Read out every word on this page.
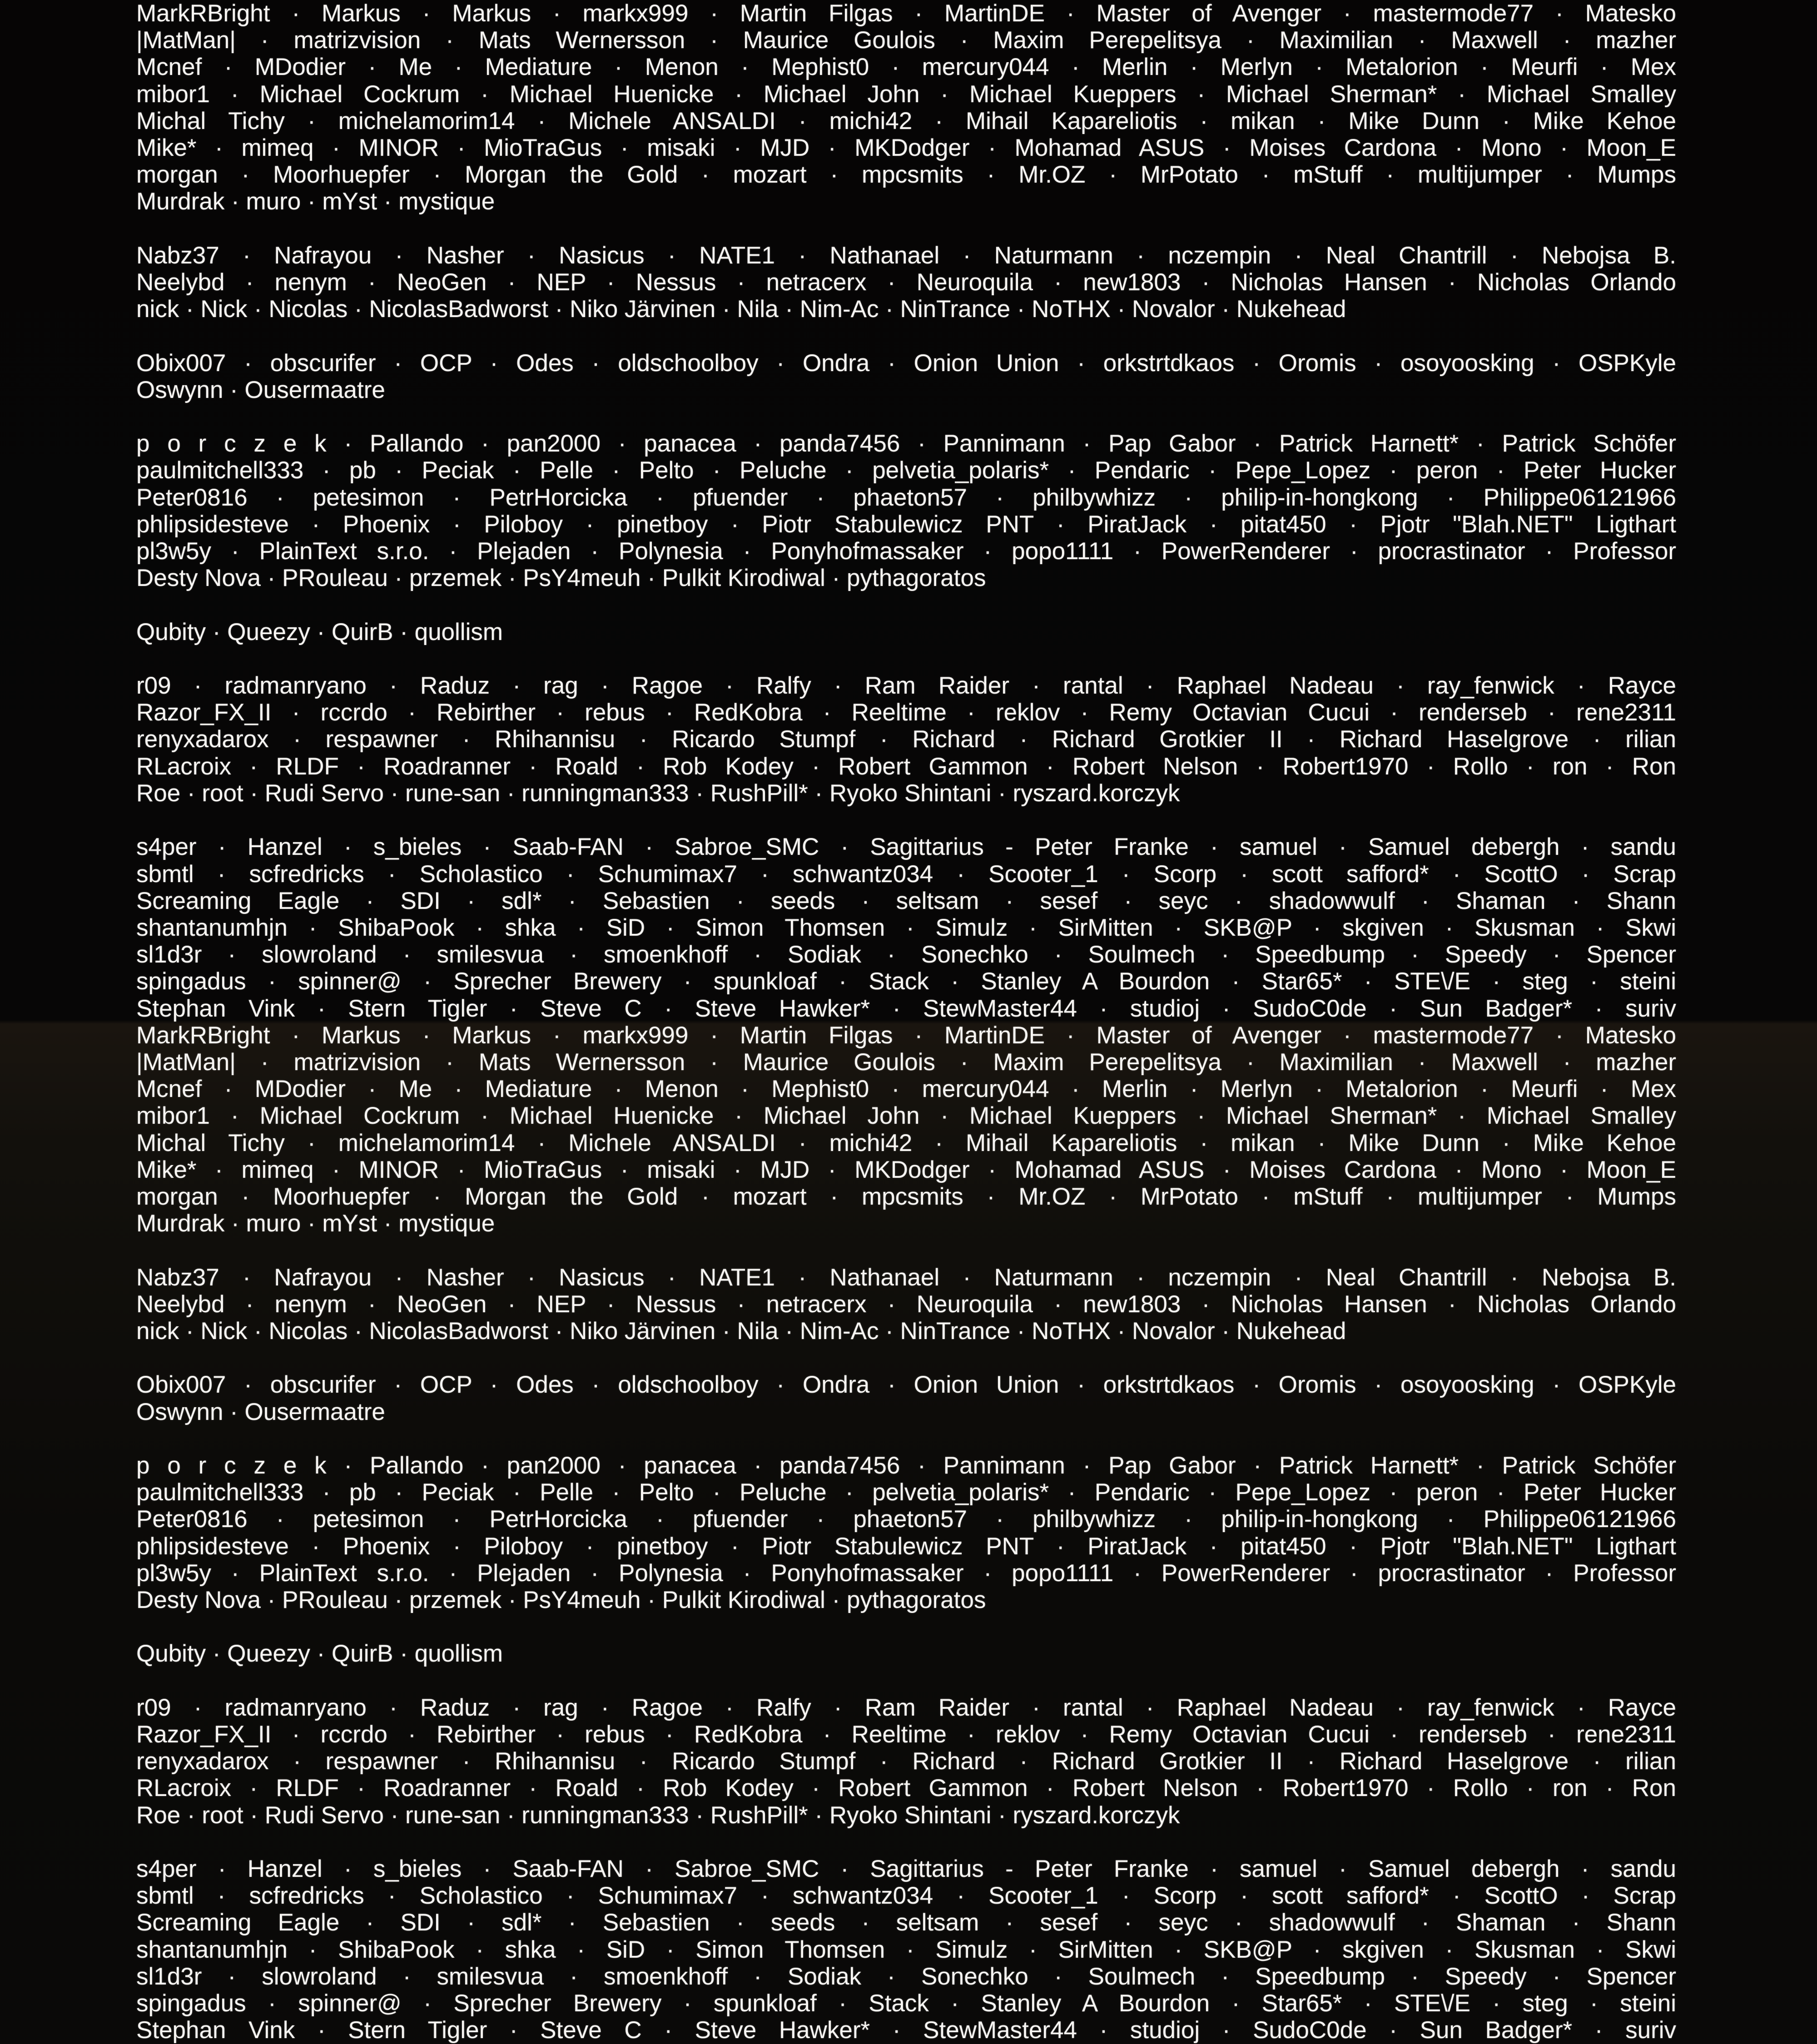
MarkRBright · Markus · Markus · markx999 · Martin Filgas · MartinDE · Master of Avenger · mastermode77 · Matesko
|MatMan| · matrizvision · Mats Wernersson · Maurice Goulois · Maxim Perepelitsya · Maximilian · Maxwell · mazher
Mcnef · MDodier · Me · Mediature · Menon · Mephist0 · mercury044 · Merlin · Merlyn · Metalorion · Meurfi · Mex
mibor1 · Michael Cockrum · Michael Huenicke · Michael John · Michael Kueppers · Michael Sherman* · Michael Smalley
Michal Tichy · michelamorim14 · Michele ANSALDI · michi42 · Mihail Kapareliotis · mikan · Mike Dunn · Mike Kehoe
Mike* · mimeq · MINOR · MioTraGus · misaki · MJD · MKDodger · Mohamad ASUS · Moises Cardona · Mono · Moon_E
morgan · Moorhuepfer · Morgan the Gold · mozart · mpcsmits · Mr.OZ · MrPotato · mStuff · multijumper · Mumps
Murdrak · muro · mYst · mystique
Nabz37 · Nafrayou · Nasher · Nasicus · NATE1 · Nathanael · Naturmann · nczempin · Neal Chantrill · Nebojsa B.
Neelybd · nenym · NeoGen · NEP · Nessus · netracerx · Neuroquila · new1803 · Nicholas Hansen · Nicholas Orlando
nick · Nick · Nicolas · NicolasBadworst · Niko Järvinen · Nila · Nim-Ac · NinTrance · NoTHX · Novalor · Nukehead
Obix007 · obscurifer · OCP · Odes · oldschoolboy · Ondra · Onion Union · orkstrtdkaos · Oromis · osoyoosking · OSPKyle
Oswynn · Ousermaatre
p o r c z e k · Pallando · pan2000 · panacea · panda7456 · Pannimann · Pap Gabor · Patrick Harnett* · Patrick Schöfer
paulmitchell333 · pb · Peciak · Pelle · Pelto · Peluche · pelvetia_polaris* · Pendaric · Pepe_Lopez · peron · Peter Hucker
Peter0816 · petesimon · PetrHorcicka · pfuender · phaeton57 · philbywhizz · philip-in-hongkong · Philippe06121966
phlipsidesteve · Phoenix · Piloboy · pinetboy · Piotr Stabulewicz PNT · PiratJack · pitat450 · Pjotr "Blah.NET" Ligthart
pl3w5y · PlainText s.r.o. · Plejaden · Polynesia · Ponyhofmassaker · popo1111 · PowerRenderer · procrastinator · Professor
Desty Nova · PRouleau · przemek · PsY4meuh · Pulkit Kirodiwal · pythagoratos
Qubity · Queezy · QuirB · quollism
r09 · radmanryano · Raduz · rag · Ragoe · Ralfy · Ram Raider · rantal · Raphael Nadeau · ray_fenwick · Rayce
Razor_FX_II · rccrdo · Rebirther · rebus · RedKobra · Reeltime · reklov · Remy Octavian Cucui · renderseb · rene2311
renyxadarox · respawner · Rhihannisu · Ricardo Stumpf · Richard · Richard Grotkier II · Richard Haselgrove · rilian
RLacroix · RLDF · Roadranner · Roald · Rob Kodey · Robert Gammon · Robert Nelson · Robert1970 · Rollo · ron · Ron
Roe · root · Rudi Servo · rune-san · runningman333 · RushPill* · Ryoko Shintani · ryszard.korczyk
s4per · Hanzel · s_bieles · Saab-FAN · Sabroe_SMC · Sagittarius - Peter Franke · samuel · Samuel debergh · sandu
sbmtl · scfredricks · Scholastico · Schumimax7 · schwantz034 · Scooter_1 · Scorp · scott safford* · ScottO · Scrap
Screaming Eagle · SDI · sdl* · Sebastien · seeds · seltsam · sesef · seyc · shadowwulf · Shaman · Shann
shantanumhjn · ShibaPook · shka · SiD · Simon Thomsen · Simulz · SirMitten · SKB@P · skgiven · Skusman · Skwi
sl1d3r · slowroland · smilesvua · smoenkhoff · Sodiak · Sonechko · Soulmech · Speedbump · Speedy · Spencer
spingadus · spinner@ · Sprecher Brewery · spunkloaf · Stack · Stanley A Bourdon · Star65* · STE\/E · steg · steini
Stephan Vink · Stern Tigler · Steve C · Steve Hawker* · StewMaster44 · studioj · SudoC0de · Sun Badger* · suriv
MarkRBright · Markus · Markus · markx999 · Martin Filgas · MartinDE · Master of Avenger · mastermode77 · Matesko
|MatMan| · matrizvision · Mats Wernersson · Maurice Goulois · Maxim Perepelitsya · Maximilian · Maxwell · mazher
Mcnef · MDodier · Me · Mediature · Menon · Mephist0 · mercury044 · Merlin · Merlyn · Metalorion · Meurfi · Mex
mibor1 · Michael Cockrum · Michael Huenicke · Michael John · Michael Kueppers · Michael Sherman* · Michael Smalley
Michal Tichy · michelamorim14 · Michele ANSALDI · michi42 · Mihail Kapareliotis · mikan · Mike Dunn · Mike Kehoe
Mike* · mimeq · MINOR · MioTraGus · misaki · MJD · MKDodger · Mohamad ASUS · Moises Cardona · Mono · Moon_E
morgan · Moorhuepfer · Morgan the Gold · mozart · mpcsmits · Mr.OZ · MrPotato · mStuff · multijumper · Mumps
Murdrak · muro · mYst · mystique
Nabz37 · Nafrayou · Nasher · Nasicus · NATE1 · Nathanael · Naturmann · nczempin · Neal Chantrill · Nebojsa B.
Neelybd · nenym · NeoGen · NEP · Nessus · netracerx · Neuroquila · new1803 · Nicholas Hansen · Nicholas Orlando
nick · Nick · Nicolas · NicolasBadworst · Niko Järvinen · Nila · Nim-Ac · NinTrance · NoTHX · Novalor · Nukehead
Obix007 · obscurifer · OCP · Odes · oldschoolboy · Ondra · Onion Union · orkstrtdkaos · Oromis · osoyoosking · OSPKyle
Oswynn · Ousermaatre
p o r c z e k · Pallando · pan2000 · panacea · panda7456 · Pannimann · Pap Gabor · Patrick Harnett* · Patrick Schöfer
paulmitchell333 · pb · Peciak · Pelle · Pelto · Peluche · pelvetia_polaris* · Pendaric · Pepe_Lopez · peron · Peter Hucker
Peter0816 · petesimon · PetrHorcicka · pfuender · phaeton57 · philbywhizz · philip-in-hongkong · Philippe06121966
phlipsidesteve · Phoenix · Piloboy · pinetboy · Piotr Stabulewicz PNT · PiratJack · pitat450 · Pjotr "Blah.NET" Ligthart
pl3w5y · PlainText s.r.o. · Plejaden · Polynesia · Ponyhofmassaker · popo1111 · PowerRenderer · procrastinator · Professor
Desty Nova · PRouleau · przemek · PsY4meuh · Pulkit Kirodiwal · pythagoratos
Qubity · Queezy · QuirB · quollism
r09 · radmanryano · Raduz · rag · Ragoe · Ralfy · Ram Raider · rantal · Raphael Nadeau · ray_fenwick · Rayce
Razor_FX_II · rccrdo · Rebirther · rebus · RedKobra · Reeltime · reklov · Remy Octavian Cucui · renderseb · rene2311
renyxadarox · respawner · Rhihannisu · Ricardo Stumpf · Richard · Richard Grotkier II · Richard Haselgrove · rilian
RLacroix · RLDF · Roadranner · Roald · Rob Kodey · Robert Gammon · Robert Nelson · Robert1970 · Rollo · ron · Ron
Roe · root · Rudi Servo · rune-san · runningman333 · RushPill* · Ryoko Shintani · ryszard.korczyk
s4per · Hanzel · s_bieles · Saab-FAN · Sabroe_SMC · Sagittarius - Peter Franke · samuel · Samuel debergh · sandu
sbmtl · scfredricks · Scholastico · Schumimax7 · schwantz034 · Scooter_1 · Scorp · scott safford* · ScottO · Scrap
Screaming Eagle · SDI · sdl* · Sebastien · seeds · seltsam · sesef · seyc · shadowwulf · Shaman · Shann
shantanumhjn · ShibaPook · shka · SiD · Simon Thomsen · Simulz · SirMitten · SKB@P · skgiven · Skusman · Skwi
sl1d3r · slowroland · smilesvua · smoenkhoff · Sodiak · Sonechko · Soulmech · Speedbump · Speedy · Spencer
spingadus · spinner@ · Sprecher Brewery · spunkloaf · Stack · Stanley A Bourdon · Star65* · STE\/E · steg · steini
Stephan Vink · Stern Tigler · Steve C · Steve Hawker* · StewMaster44 · studioj · SudoC0de · Sun Badger* · suriv
